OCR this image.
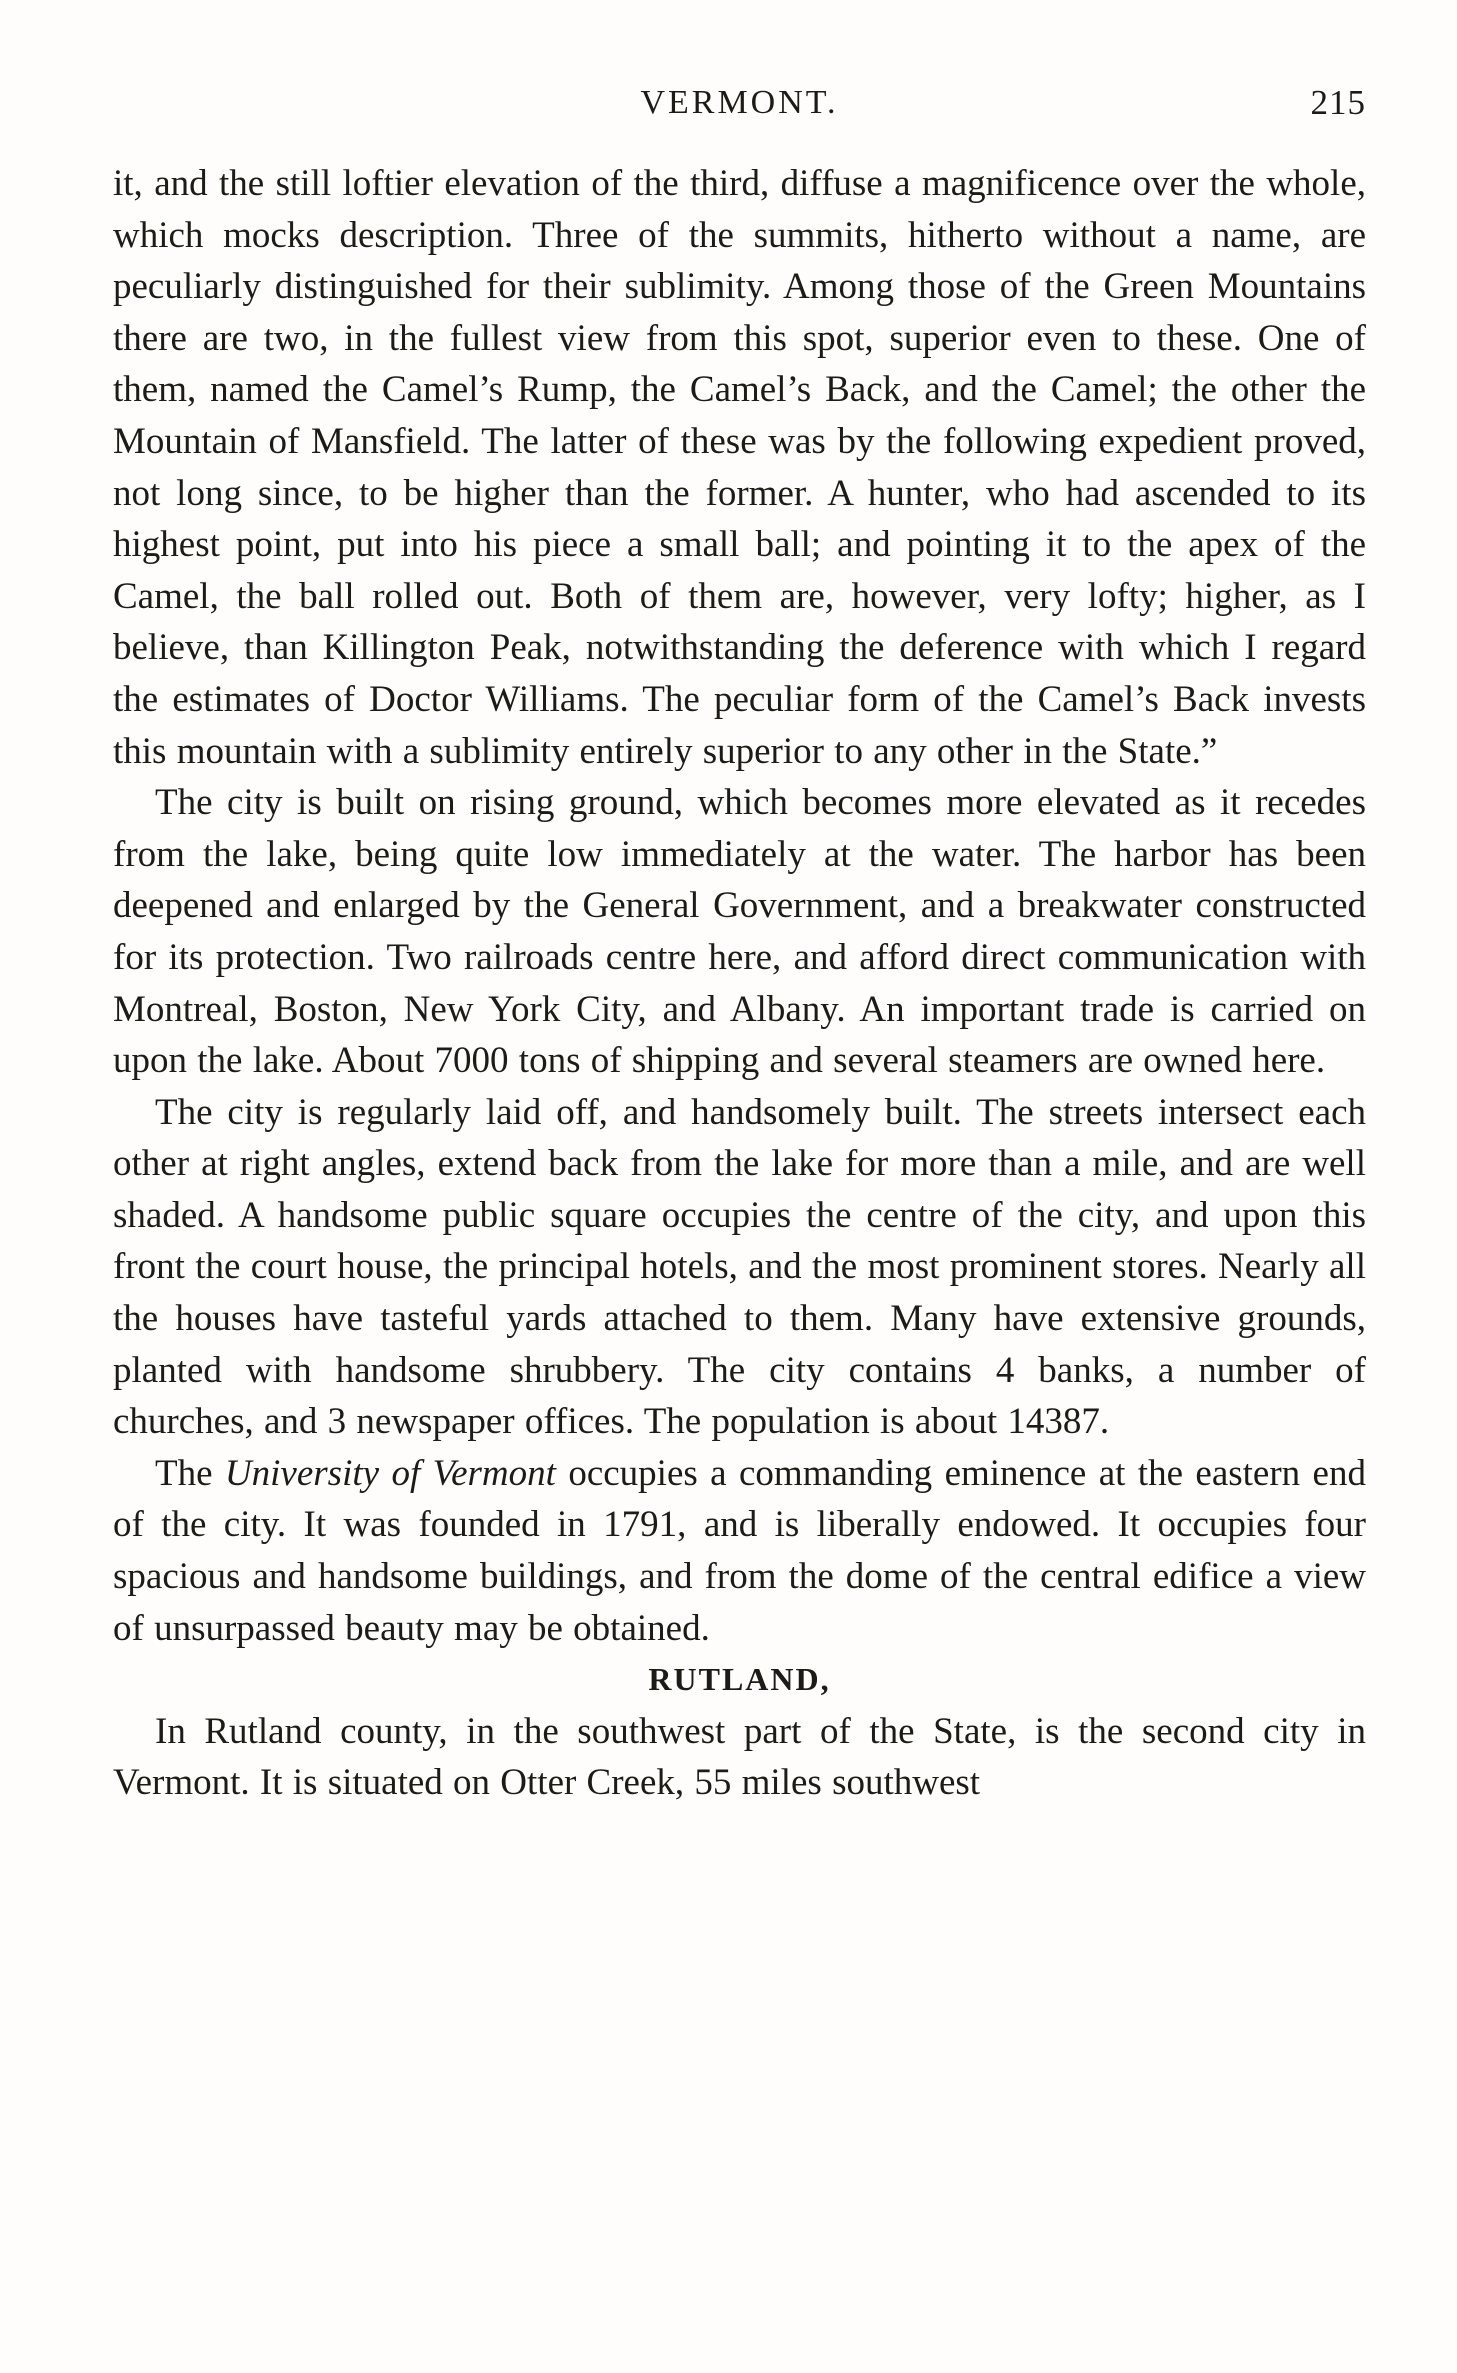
VERMONT.	215

it, and the still loftier elevation of the third, diffuse a magnificence over the whole, which mocks description. Three of the summits, hitherto without a name, are peculiarly distinguished for their sublimity. Among those of the Green Mountains there are two, in the fullest view from this spot, superior even to these. One of them, named the Camel’s Rump, the Camel’s Back, and the Camel; the other the Mountain of Mansfield. The latter of these was by the following expedient proved, not long since, to be higher than the former. A hunter, who had ascended to its highest point, put into his piece a small ball; and pointing it to the apex of the Camel, the ball rolled out. Both of them are, however, very lofty; higher, as I believe, than Killington Peak, notwithstanding the deference with which I regard the estimates of Doctor Williams. The peculiar form of the Camel’s Back invests this mountain with a sublimity entirely superior to any other in the State.”

The city is built on rising ground, which becomes more elevated as it recedes from the lake, being quite low immediately at the water. The harbor has been deepened and enlarged by the General Government, and a breakwater constructed for its protection. Two railroads centre here, and afford direct communication with Montreal, Boston, New York City, and Albany. An important trade is carried on upon the lake. About 7000 tons of shipping and several steamers are owned here.

The city is regularly laid off, and handsomely built. The streets intersect each other at right angles, extend back from the lake for more than a mile, and are well shaded. A handsome public square occupies the centre of the city, and upon this front the court house, the principal hotels, and the most prominent stores. Nearly all the houses have tasteful yards attached to them. Many have extensive grounds, planted with handsome shrubbery. The city contains 4 banks, a number of churches, and 3 newspaper offices. The population is about 14387.

The University of Vermont occupies a commanding eminence at the eastern end of the city. It was founded in 1791, and is liberally endowed. It occupies four spacious and handsome buildings, and from the dome of the central edifice a view of unsurpassed beauty may be obtained.

RUTLAND,

In Rutland county, in the southwest part of the State, is the second city in Vermont. It is situated on Otter Creek, 55 miles southwest
